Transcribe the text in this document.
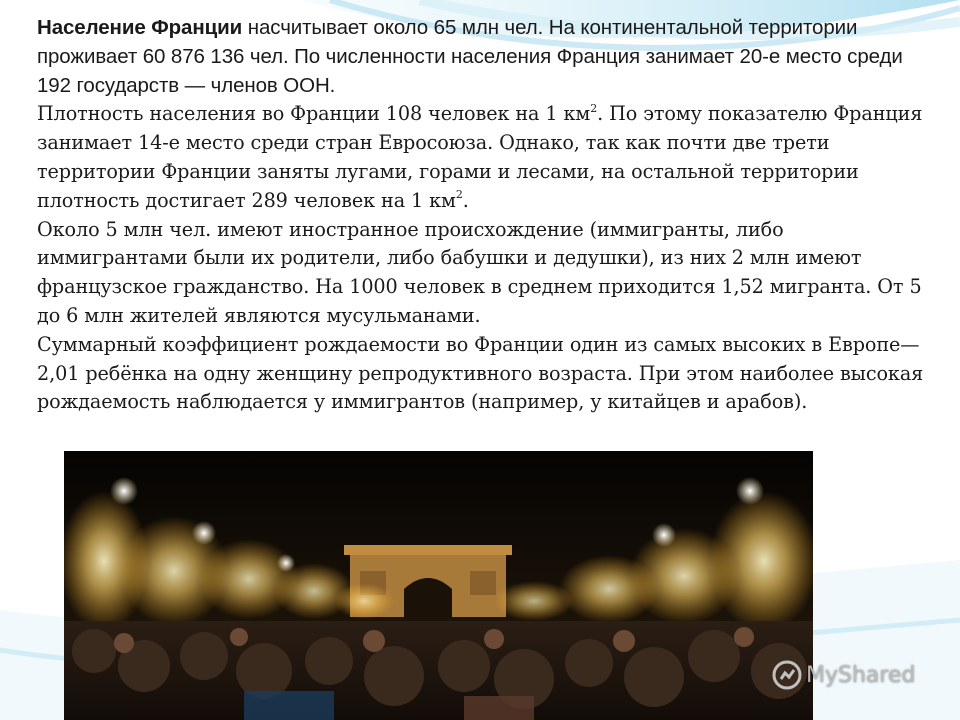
Население Франции насчитывает около 65 млн чел. На континентальной территории проживает 60 876 136 чел. По численности населения Франция занимает 20-е место среди 192 государств — членов ООН.

Плотность населения во Франции 108 человек на 1 $км^2$. По этому показателю Франция занимает 14-е место среди стран Евросоюза. Однако, так как почти две трети территории Франции заняты лугами, горами и лесами, на остальной территории плотность достигает 289 человек на 1 $км^2$.

Около 5 млн чел. имеют иностранное происхождение (иммигранты, либо иммигрантами были их родители, либо бабушки и дедушки), из них 2 млн имеют французское гражданство. На 1000 человек в среднем приходится 1,52 мигранта. От 5 до 6 млн жителей являются мусульманами.

Суммарный коэффициент рождаемости во Франции один из самых высоких в Европе— 2,01 ребёнка на одну женщину репродуктивного возраста. При этом наиболее высокая рождаемость наблюдается у иммигрантов (например, у китайцев и арабов).

MyShared
